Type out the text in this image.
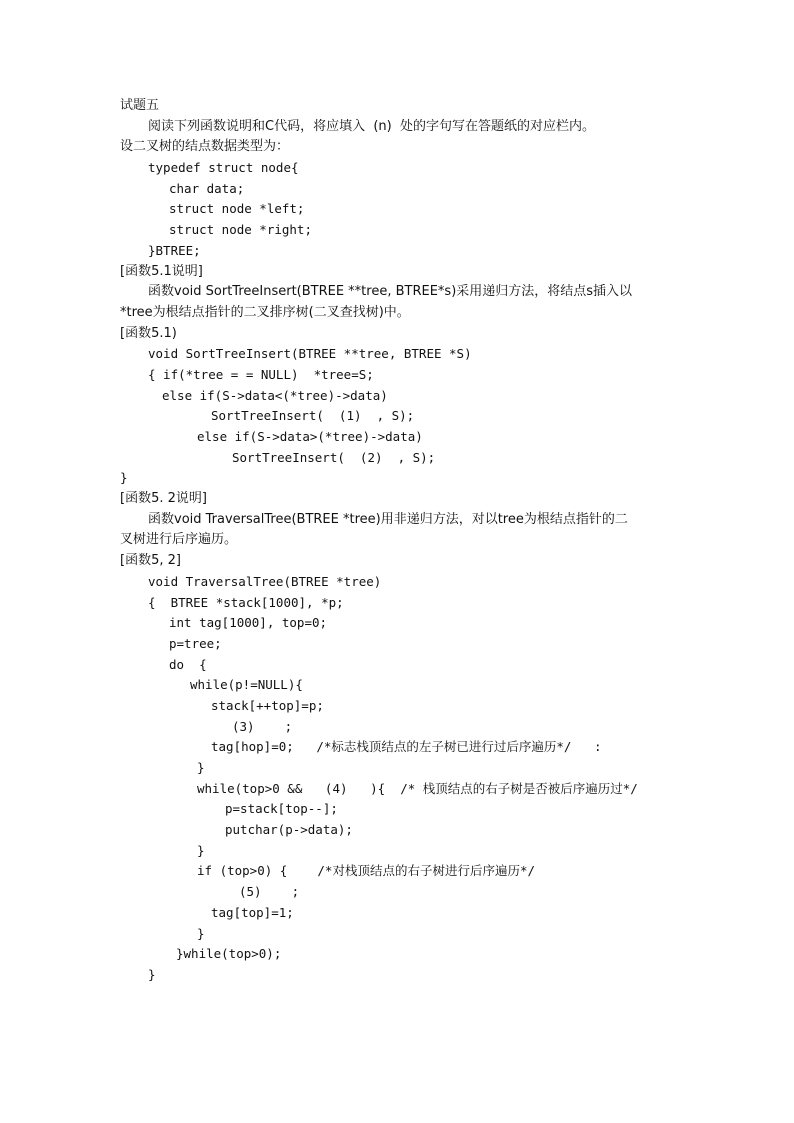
试题五
阅读下列函数说明和C代码，将应填入  (n)  处的字句写在答题纸的对应栏内。
设二叉树的结点数据类型为：
typedef struct node{
char data;
struct node *left;
struct node *right;
}BTREE;
[函数5.1说明]
函数void SortTreeInsert(BTREE **tree, BTREE*s)采用递归方法，将结点s插入以
*tree为根结点指针的二叉排序树(二叉查找树)中。
[函数5.1)
void SortTreeInsert(BTREE **tree, BTREE *S)
{ if(*tree = = NULL)  *tree=S;
else if(S->data<(*tree)->data)
SortTreeInsert(  (1)  , S);
else if(S->data>(*tree)->data)
SortTreeInsert(  (2)  , S);
}
[函数5. 2说明]
函数void TraversalTree(BTREE *tree)用非递归方法，对以tree为根结点指针的二
叉树进行后序遍历。
[函数5, 2]
void TraversalTree(BTREE *tree)
{  BTREE *stack[1000], *p;
int tag[1000], top=0;
p=tree;
do  {
while(p!=NULL){
stack[++top]=p;
(3)    ;
tag[hop]=0;   /*标志栈顶结点的左子树已进行过后序遍历*/   :
}
while(top>0 &&   (4)   ){  /* 栈顶结点的右子树是否被后序遍历过*/
p=stack[top--];
putchar(p->data);
}
if (top>0) {    /*对栈顶结点的右子树进行后序遍历*/
(5)    ;
tag[top]=1;
}
}while(top>0);
}
